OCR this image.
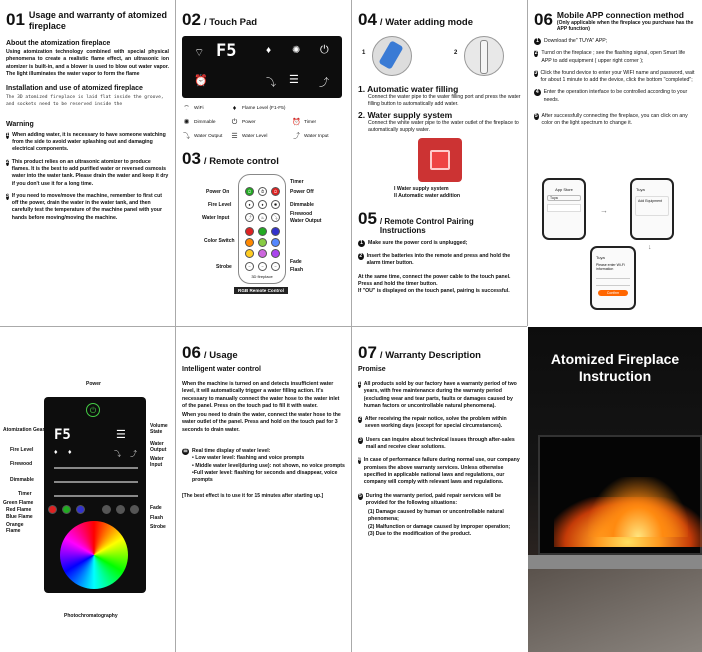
01 Usage and warranty of atomized fireplace
About the atomization fireplace
Using atomization technology combined with special physical phenomena to create a realistic flame effect, an ultrasonic ion atomizer is built-in, and a blower is used to blow out water vapor. The light illuminates the water vapor to form the flame
Installation and use of atomized fireplace
The 3D atomized fireplace is laid flat inside the groove, and sockets need to be reserved inside the
Warning
1 When adding water, it is necessary to have someone watching from the side to avoid water splashing out and damaging electrical components.
2 This product relies on an ultrasonic atomizer to produce flames. It is the best to add purified water or reversed osmosis water into the water tank. Please drain the water and keep it dry if you don't use it for a long time.
3 If you need to move/move the machine, remember to first cut off the power, drain the water in the water tank, and then carefully test the temperature of the machine panel with your hands before moving/moving the machine.
02 / Touch Pad
⌔ F5	♦ ✺ ⏻
⏰	⤵ ☰ ⤴
⌔ WiFi	♦	Flame Level (F1-F5)
✺ Dimmable ⏻ Power	⏰ Timer
⤵ Water Output ☰ Water Level	⤴ Water Input
03 / Remote control
⏻	⏱	⏻
♦	♦	✺
⤴	♨	⤵
~	~	~
3D fireplace
Power On
Fire Level
Water Input
Color Switch
Strobe
Timer
Power Off
Dimmable
Firewood
Water Output
Fade
Flash
RGB Remote Control
04 / Water adding mode
1	2
1. Automatic water filling
Connect the water pipe to the water filling port and press the water filling button to automatically add water.
2. Water supply system
Connect the white water pipe to the water outlet of the fireplace to automatically supply water.
I Water supply system
II Automatic water addition
05 / Remote Control Pairing Instructions
1 Make sure the power cord is unplugged;
2 Insert the batteries into the remote and press and hold the alarm timer button.
At the same time, connect the power cable to the touch panel. Press and hold the timer button.
If "OU" is displayed on the touch panel, pairing is successful.
06 Mobile APP connection method
(Only applicable when the fireplace you purchase has the APP function)
1 Download the" TUYA" APP;
2 Turnd on the fireplace ; see the flashing signal, open Smart life APP to add equipment ( upper right corner );
3 Click the found device to enter your WIFI name and password, wait for about 1 minute to add the device, click the bottom "completed";
4 Enter the operation interface to be controlled according to your needs.
5 After successfully connecting the fireplace, you can click on any color on the light spectrum to change it.
App Store
Tuya
→
Tuya
Add Equipment
↓
Tuya
Please enter Wi-Fi information
Confirm
Power
⏻
F5	☰
♦ ♦	⤵ ⤴
Atomization Gear
Fire Level
Firewood
Dimmable
Timer
Green Flame
Red Flame
Blue Flame
Orange Flame
Volume State
Water Output
Water Input
Fade
Flash
Strobe
Photochromatography
06 / Usage
Intelligent water control
When the machine is turned on and detects insufficient water level, it will automatically trigger a water filling action. It's necessary to manually connect the water hose to the water inlet of the panel. Press on the touch pad to fill it with water.
When you need to drain the water, connect the water hose to the water outlet of the panel. Press and hold on the touch pad for 3 seconds to drain water.
☰ Real time display of water level:
• Low water level: flashing and voice prompts
• Middle water level(during use): not shown, no voice prompts
•Full water level: flashing for seconds and disappear, voice prompts
[The best effect is to use it for 15 minutes after starting up.]
07 / Warranty Description
Promise
1 All products sold by our factory have a warranty period of two years, with free maintenance during the warranty period (excluding wear and tear parts, faults or damages caused by human factors or uncontrollable natural phenomena).
2 After receiving the repair notice, solve the problem within seven working days (except for special circumstances).
3 Users can inquire about technical issues through after-sales mail and receive clear solutions.
4 In case of performance failure during normal use, our company promises the above warranty services. Unless otherwise specified in applicable national laws and regulations, our company will comply with relevant laws and regulations.
5 During the warranty period, paid repair services will be provided for the following situations:
(1) Damage caused by human or uncontrollable natural phenomena;
(2) Malfunction or damage caused by improper operation;
(3) Due to the modification of the product.
Atomized Fireplace Instruction
